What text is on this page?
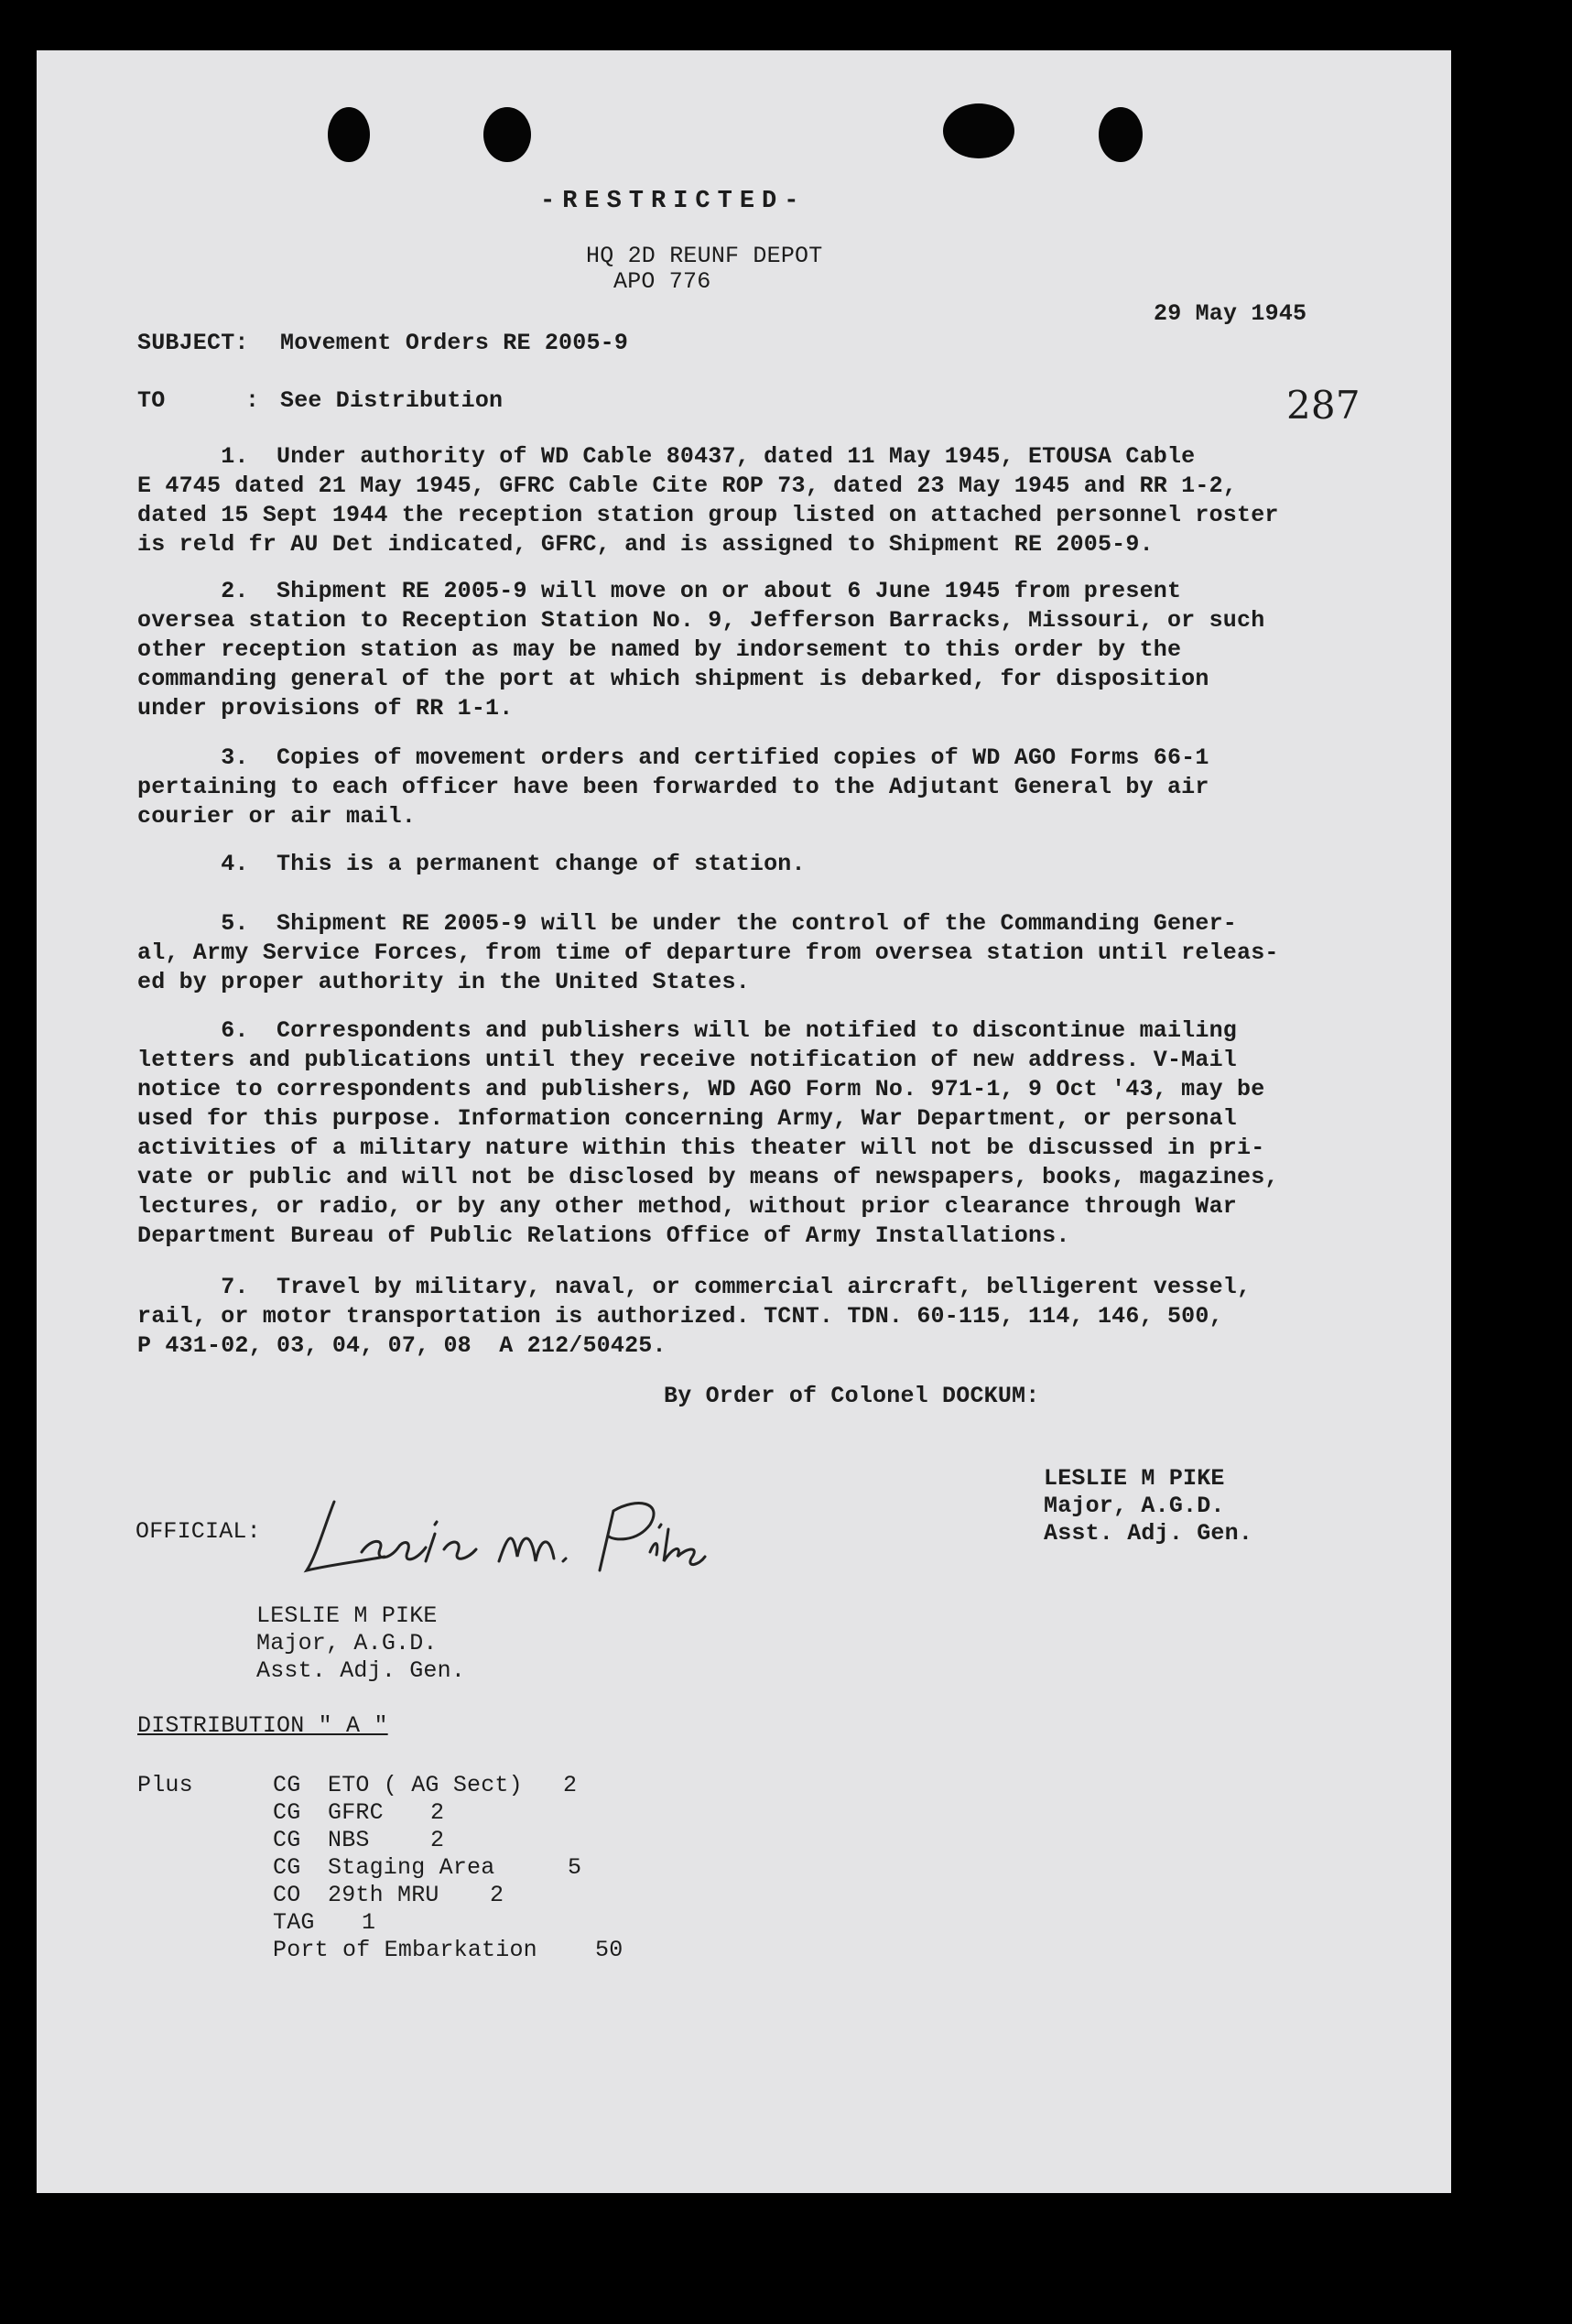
-RESTRICTED-
HQ 2D REUNF DEPOT
APO 776
29 May 1945
287
SUBJECT: Movement Orders RE 2005-9
TO	: See Distribution
1.  Under authority of WD Cable 80437, dated 11 May 1945, ETOUSA Cable
E 4745 dated 21 May 1945, GFRC Cable Cite ROP 73, dated 23 May 1945 and RR 1-2,
dated 15 Sept 1944 the reception station group listed on attached personnel roster
is reld fr AU Det indicated, GFRC, and is assigned to Shipment RE 2005-9.
2.  Shipment RE 2005-9 will move on or about 6 June 1945 from present
oversea station to Reception Station No. 9, Jefferson Barracks, Missouri, or such
other reception station as may be named by indorsement to this order by the
commanding general of the port at which shipment is debarked, for disposition
under provisions of RR 1-1.
3.  Copies of movement orders and certified copies of WD AGO Forms 66-1
pertaining to each officer have been forwarded to the Adjutant General by air
courier or air mail.
4.  This is a permanent change of station.
5.  Shipment RE 2005-9 will be under the control of the Commanding Gener-
al, Army Service Forces, from time of departure from oversea station until releas-
ed by proper authority in the United States.
6.  Correspondents and publishers will be notified to discontinue mailing
letters and publications until they receive notification of new address. V-Mail
notice to correspondents and publishers, WD AGO Form No. 971-1, 9 Oct '43, may be
used for this purpose. Information concerning Army, War Department, or personal
activities of a military nature within this theater will not be discussed in pri-
vate or public and will not be disclosed by means of newspapers, books, magazines,
lectures, or radio, or by any other method, without prior clearance through War
Department Bureau of Public Relations Office of Army Installations.
7.  Travel by military, naval, or commercial aircraft, belligerent vessel,
rail, or motor transportation is authorized. TCNT. TDN. 60-115, 114, 146, 500,
P 431-02, 03, 04, 07, 08  A 212/50425.
By Order of Colonel DOCKUM:
LESLIE M PIKE
Major, A.G.D.
Asst. Adj. Gen.
OFFICIAL:
LESLIE M PIKE
Major, A.G.D.
Asst. Adj. Gen.
DISTRIBUTION " A "
Plus	CG ETO ( AG Sect) 2
CG GFRC 2
CG NBS	2
CG Staging Area	5
CO 29th MRU 2
TAG 1
Port of Embarkation	50
